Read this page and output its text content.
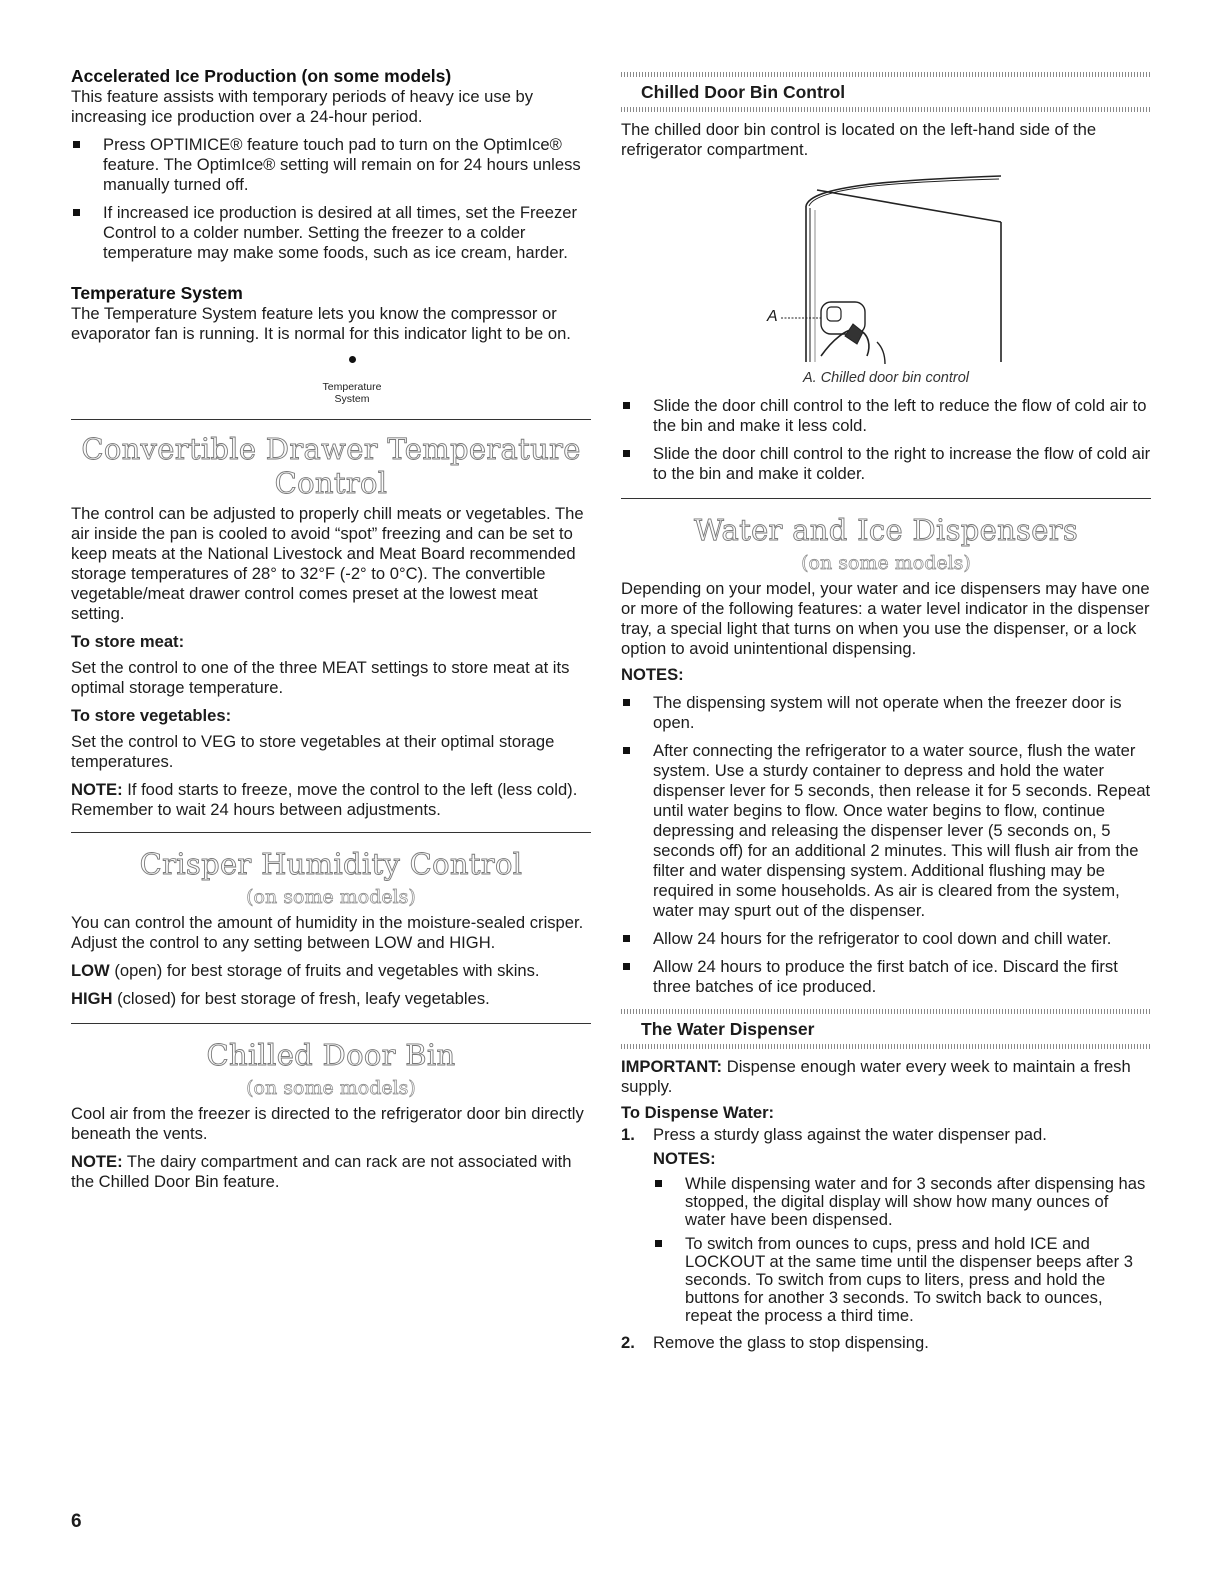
Accelerated Ice Production (on some models)

This feature assists with temporary periods of heavy ice use by increasing ice production over a 24-hour period.

Press OPTIMICE® feature touch pad to turn on the OptimIce® feature. The OptimIce® setting will remain on for 24 hours unless manually turned off.
If increased ice production is desired at all times, set the Freezer Control to a colder number. Setting the freezer to a colder temperature may make some foods, such as ice cream, harder.
Temperature System

The Temperature System feature lets you know the compressor or evaporator fan is running. It is normal for this indicator light to be on.

Temperature
System
Convertible Drawer Temperature Control

The control can be adjusted to properly chill meats or vegetables. The air inside the pan is cooled to avoid “spot” freezing and can be set to keep meats at the National Livestock and Meat Board recommended storage temperatures of 28° to 32°F (-2° to 0°C). The convertible vegetable/meat drawer control comes preset at the lowest meat setting.

To store meat:

Set the control to one of the three MEAT settings to store meat at its optimal storage temperature.

To store vegetables:

Set the control to VEG to store vegetables at their optimal storage temperatures.

NOTE: If food starts to freeze, move the control to the left (less cold). Remember to wait 24 hours between adjustments.

Crisper Humidity Control
(on some models)

You can control the amount of humidity in the moisture-sealed crisper. Adjust the control to any setting between LOW and HIGH.

LOW (open) for best storage of fruits and vegetables with skins.

HIGH (closed) for best storage of fresh, leafy vegetables.

Chilled Door Bin
(on some models)

Cool air from the freezer is directed to the refrigerator door bin directly beneath the vents.

NOTE: The dairy compartment and can rack are not associated with the Chilled Door Bin feature.

Chilled Door Bin Control

The chilled door bin control is located on the left-hand side of the refrigerator compartment.

A
A. Chilled door bin control
Slide the door chill control to the left to reduce the flow of cold air to the bin and make it less cold.
Slide the door chill control to the right to increase the flow of cold air to the bin and make it colder.
Water and Ice Dispensers
(on some models)

Depending on your model, your water and ice dispensers may have one or more of the following features: a water level indicator in the dispenser tray, a special light that turns on when you use the dispenser, or a lock option to avoid unintentional dispensing.

NOTES:
The dispensing system will not operate when the freezer door is open.
After connecting the refrigerator to a water source, flush the water system. Use a sturdy container to depress and hold the water dispenser lever for 5 seconds, then release it for 5 seconds. Repeat until water begins to flow. Once water begins to flow, continue depressing and releasing the dispenser lever (5 seconds on, 5 seconds off) for an additional 2 minutes. This will flush air from the filter and water dispensing system. Additional flushing may be required in some households. As air is cleared from the system, water may spurt out of the dispenser.
Allow 24 hours for the refrigerator to cool down and chill water.
Allow 24 hours to produce the first batch of ice. Discard the first three batches of ice produced.
The Water Dispenser

IMPORTANT: Dispense enough water every week to maintain a fresh supply.

To Dispense Water:
1. Press a sturdy glass against the water dispenser pad.
NOTES:
While dispensing water and for 3 seconds after dispensing has stopped, the digital display will show how many ounces of water have been dispensed.
To switch from ounces to cups, press and hold ICE and LOCKOUT at the same time until the dispenser beeps after 3 seconds. To switch from cups to liters, press and hold the buttons for another 3 seconds. To switch back to ounces, repeat the process a third time.
2. Remove the glass to stop dispensing.
6
